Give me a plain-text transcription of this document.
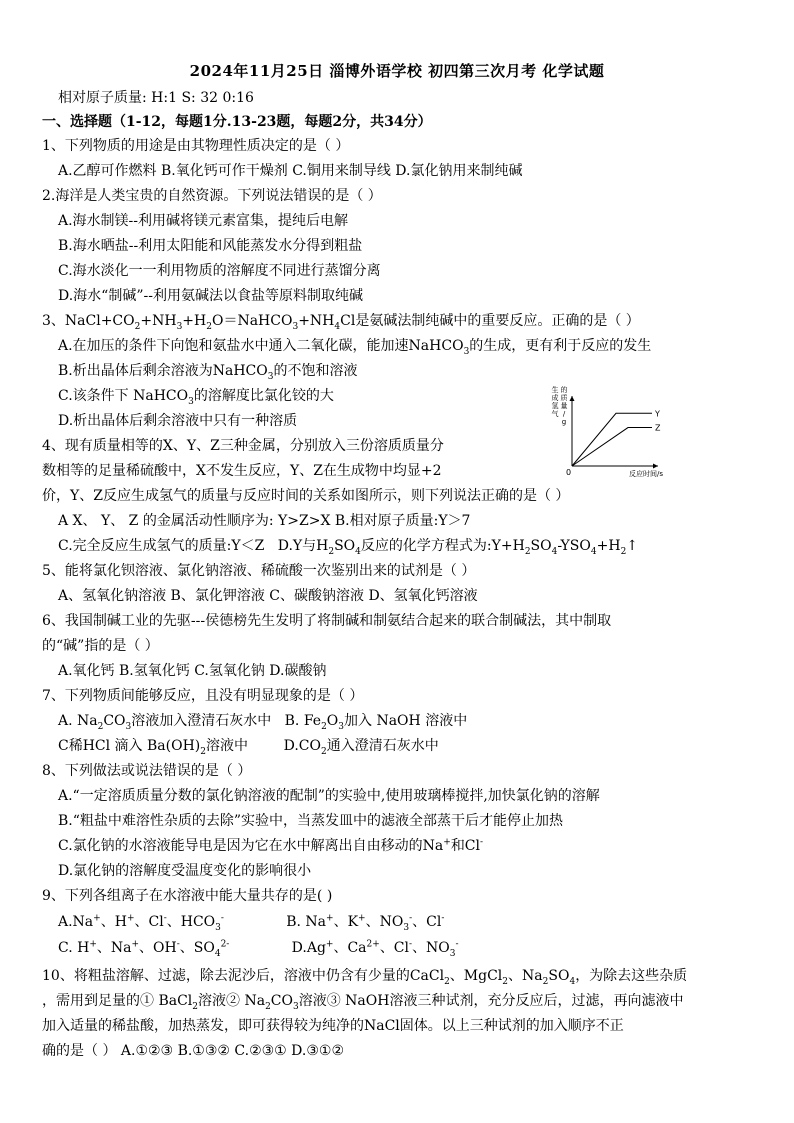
2024年11月25日 淄博外语学校 初四第三次月考 化学试题
相对原子质量: H:1 S: 32 0:16
一、选择题（1-12，每题1分.13-23题，每题2分，共34分）
1、下列物质的用途是由其物理性质决定的是（ ）
A.乙醇可作燃料 B.氧化钙可作干燥剂 C.铜用来制导线 D.氯化钠用来制纯碱
2.海洋是人类宝贵的自然资源。下列说法错误的是（ ）
A.海水制镁--利用碱将镁元素富集，提纯后电解
B.海水晒盐--利用太阳能和风能蒸发水分得到粗盐
C.海水淡化一一利用物质的溶解度不同进行蒸馏分离
D.海水“制碱”--利用氨碱法以食盐等原料制取纯碱
3、$NaCl+CO_2+NH_3+H_2O=NaHCO_3+NH_4Cl$是氨碱法制纯碱中的重要反应。正确的是（ ）
A.在加压的条件下向饱和氨盐水中通入二氧化碳，能加速NaHCO$_3$的生成，更有利于反应的发生
B.析出晶体后剩余溶液为NaHCO$_3$的不饱和溶液
C.该条件下 NaHCO$_3$的溶解度比氯化铰的大
D.析出晶体后剩余溶液中只有一种溶质
生成氢气的质量/ g
反应时间/s
0
Y
Z
4、现有质量相等的X、Y、Z三种金属，分别放入三份溶质质量分
数相等的足量稀硫酸中，X不发生反应，Y、Z在生成物中均显+2
价，Y、Z反应生成氢气的质量与反应时间的关系如图所示，则下列说法正确的是（ ）
A X、 Y、 Z 的金属活动性顺序为: Y>Z>X B.相对原子质量:Y＞7
C.完全反应生成氢气的质量:Y＜Z D.Y与$H_2SO_4$反应的化学方程式为$:Y+H_2SO_4-YSO_4+H_2↑$
5、能将氯化钡溶液、氯化钠溶液、稀硫酸一次鉴别出来的试剂是（ ）
A、氢氧化钠溶液 B、氯化钾溶液 C、碳酸钠溶液 D、氢氧化钙溶液
6、我国制碱工业的先驱---侯德榜先生发明了将制碱和制氨结合起来的联合制碱法，其中制取
的“碱”指的是（ ）
A.氧化钙 B.氢氧化钙 C.氢氧化钠 D.碳酸钠
7、下列物质间能够反应，且没有明显现象的是（ ）
A. $Na_2CO_3$溶液加入澄清石灰水中 B. $Fe_2O_3$加入 NaOH 溶液中
C稀HCl 滴入 $Ba(OH)_2$溶液中	$D.CO_2$通入澄清石灰水中
8、下列做法或说法错误的是（ ）
A.“一定溶质质量分数的氯化钠溶液的配制”的实验中,使用玻璃棒搅拌,加快氯化钠的溶解
B.“粗盐中难溶性杂质的去除”实验中，当蒸发皿中的滤液全部蒸干后才能停止加热
C.氯化钠的水溶液能导电是因为它在水中解离出自由移动的Na+和Cl-
D.氯化钠的溶解度受温度变化的影响很小
9、下列各组离子在水溶液中能大量共存的是( )
A.Na+、H+、Cl-、$HCO_3^-$	B. Na+、K+、$NO_3^-$、Cl-
C. H+、Na+、OH-、$SO_4^{2-}$	D.Ag+、$Ca^{2+}$、Cl-、$NO_3^-$
10、将粗盐溶解、过滤，除去泥沙后，溶液中仍含有少量的CaCl$_2$、MgCl$_2$、$Na_2SO_4$，为除去这些杂质
，需用到足量的① BaCl$_2$溶液② $Na_2CO_3$溶液③ NaOH溶液三种试剂，充分反应后，过滤，再向滤液中
加入适量的稀盐酸，加热蒸发，即可获得较为纯净的NaCl固体。以上三种试剂的加入顺序不正
确的是（ ） A.①②③ B.①③② C.②③① D.③①②
